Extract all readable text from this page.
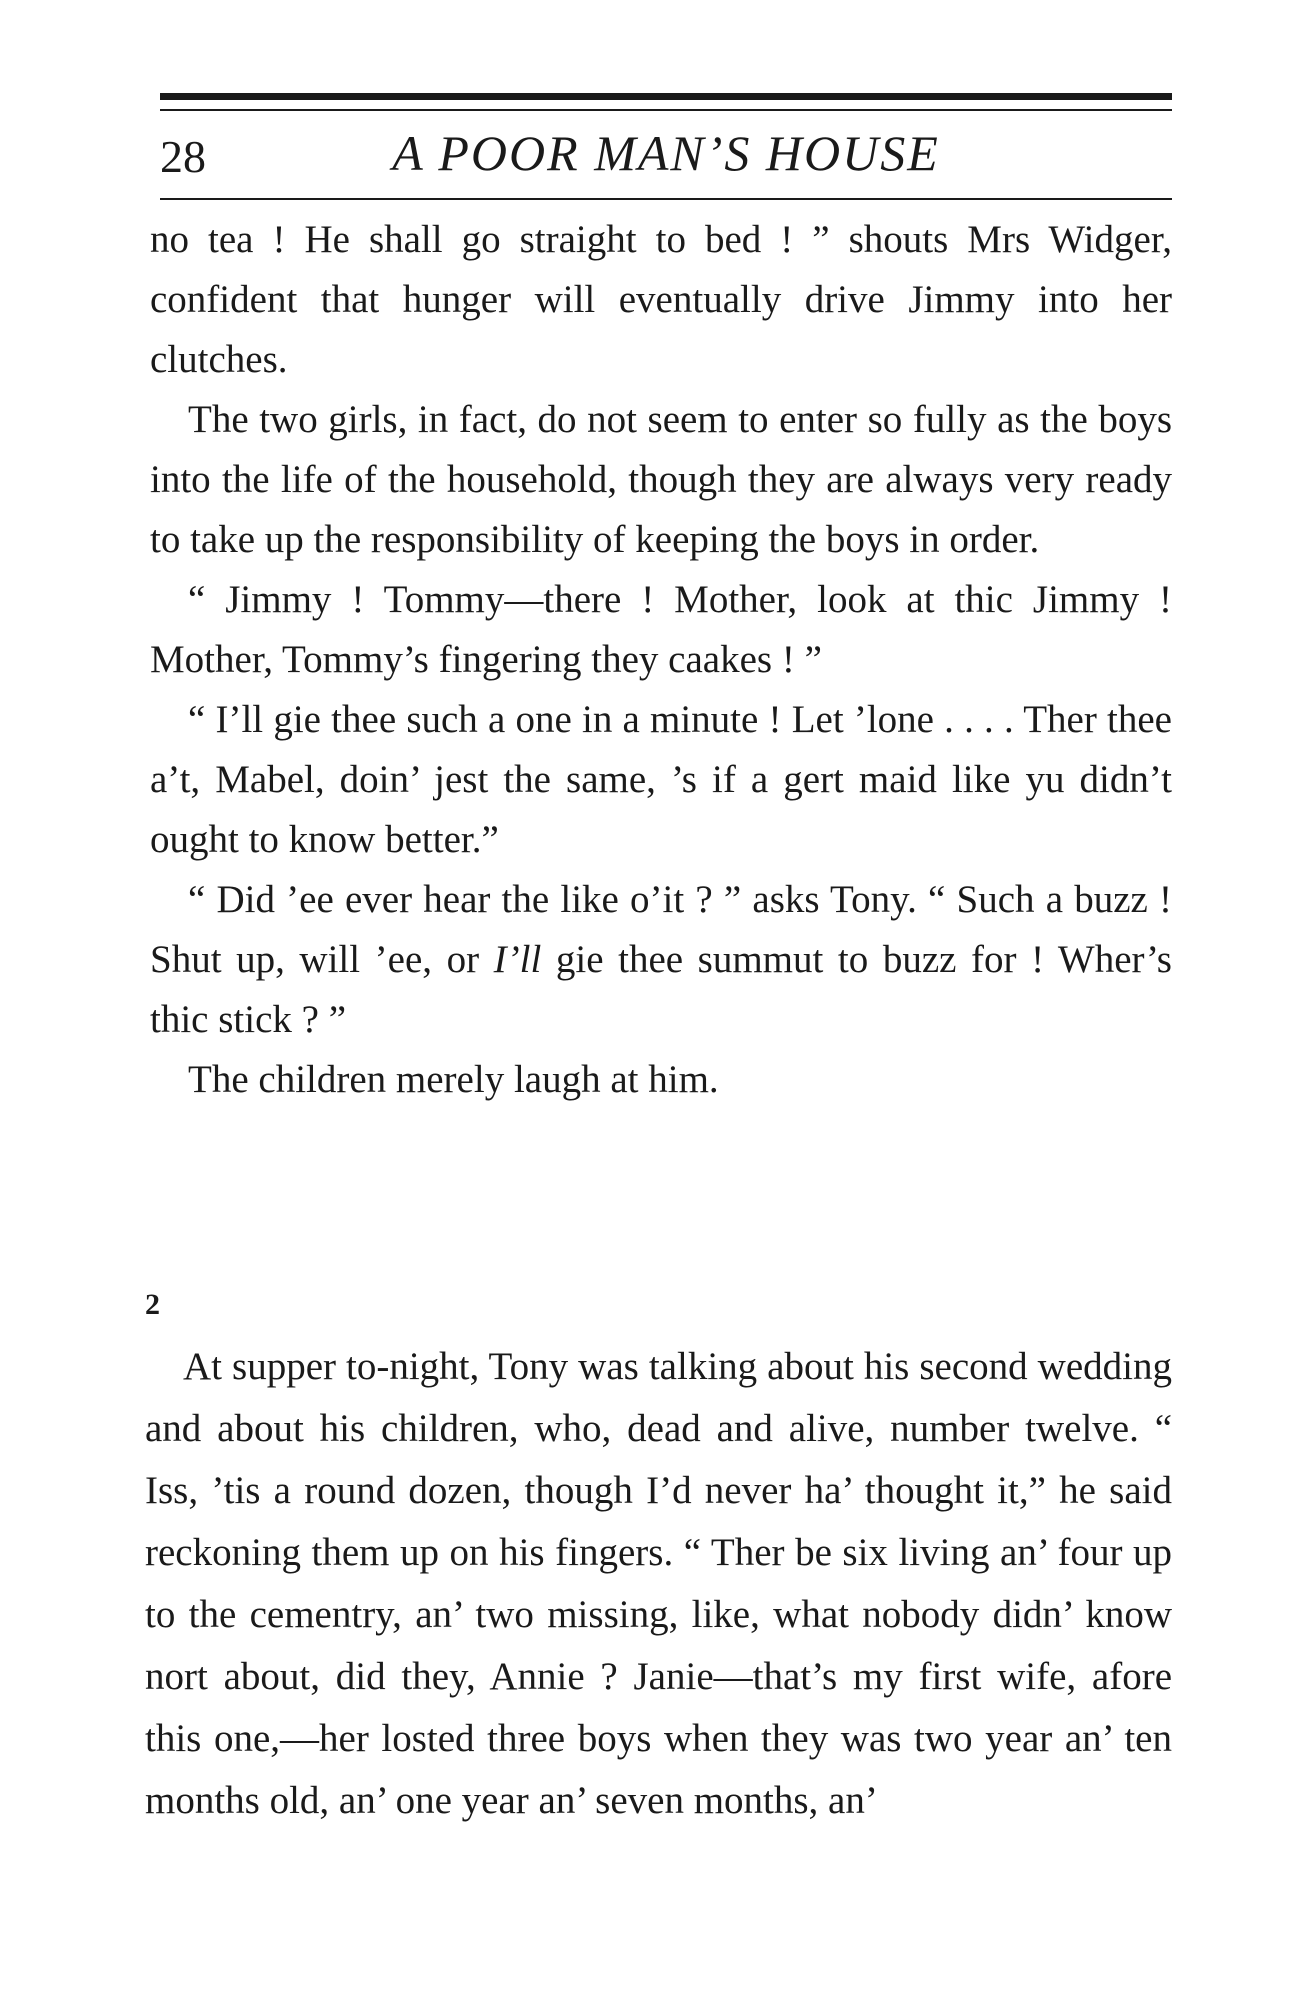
28	A POOR MAN’S HOUSE

no tea ! He shall go straight to bed ! ” shouts Mrs Widger, confident that hunger will eventually drive Jimmy into her clutches.

The two girls, in fact, do not seem to enter so fully as the boys into the life of the household, though they are always very ready to take up the responsibility of keeping the boys in order.

“ Jimmy ! Tommy—there ! Mother, look at thic Jimmy ! Mother, Tommy’s fingering they caakes ! ”

“ I’ll gie thee such a one in a minute ! Let ’lone . . . . Ther thee a’t, Mabel, doin’ jest the same, ’s if a gert maid like yu didn’t ought to know better.”

“ Did ’ee ever hear the like o’it ? ” asks Tony. “ Such a buzz ! Shut up, will ’ee, or I’ll gie thee summut to buzz for ! Wher’s thic stick ? ”

The children merely laugh at him.

2

At supper to-night, Tony was talking about his second wedding and about his children, who, dead and alive, number twelve. “ Iss, ’tis a round dozen, though I’d never ha’ thought it,” he said reckoning them up on his fingers. “ Ther be six living an’ four up to the cementry, an’ two missing, like, what nobody didn’ know nort about, did they, Annie ? Janie—that’s my first wife, afore this one,—her losted three boys when they was two year an’ ten months old, an’ one year an’ seven months, an’
